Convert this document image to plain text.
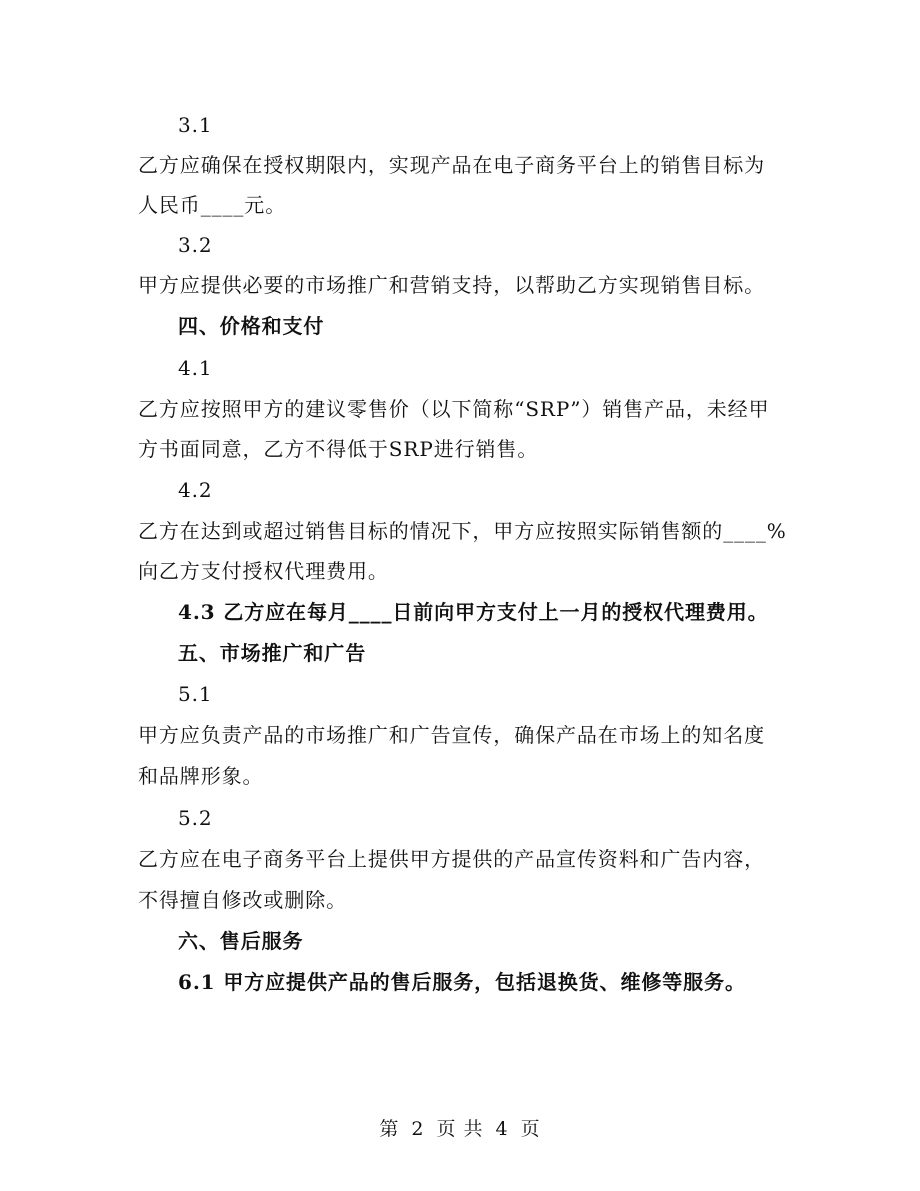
3.1
乙方应确保在授权期限内，实现产品在电子商务平台上的销售目标为
人民币____元。
3.2
甲方应提供必要的市场推广和营销支持，以帮助乙方实现销售目标。
四、价格和支付
4.1
乙方应按照甲方的建议零售价（以下简称“SRP”）销售产品，未经甲
方书面同意，乙方不得低于SRP进行销售。
4.2
乙方在达到或超过销售目标的情况下，甲方应按照实际销售额的____%
向乙方支付授权代理费用。
4.3 乙方应在每月____日前向甲方支付上一月的授权代理费用。
五、市场推广和广告
5.1
甲方应负责产品的市场推广和广告宣传，确保产品在市场上的知名度
和品牌形象。
5.2
乙方应在电子商务平台上提供甲方提供的产品宣传资料和广告内容，
不得擅自修改或删除。
六、售后服务
6.1 甲方应提供产品的售后服务，包括退换货、维修等服务。
第 2 页 共 4 页
